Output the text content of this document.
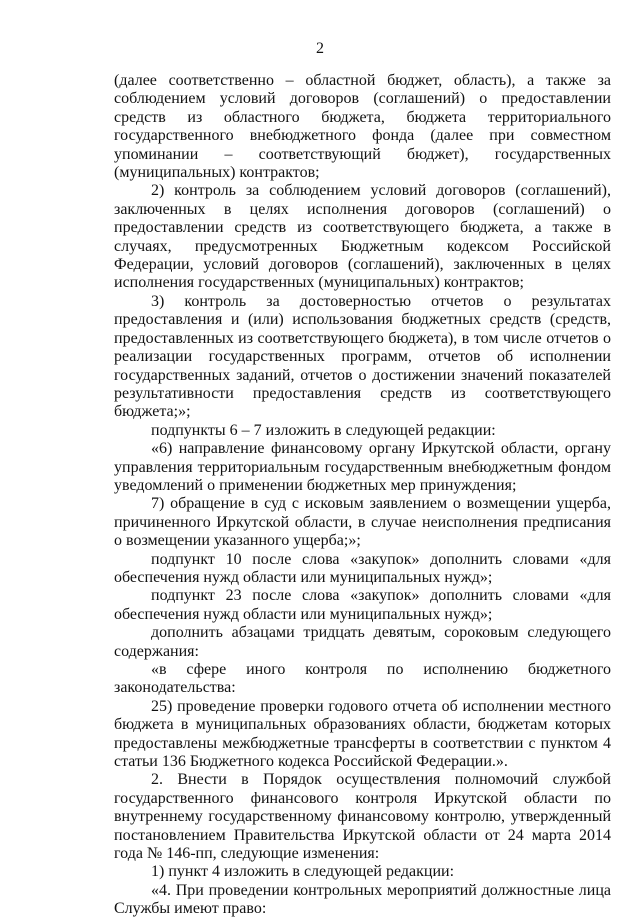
2

(далее соответственно – областной бюджет, область), а также за соблюдением условий договоров (соглашений) о предоставлении средств из областного бюджета, бюджета территориального государственного внебюджетного фонда (далее при совместном упоминании – соответствующий бюджет), государственных (муниципальных) контрактов;

2) контроль за соблюдением условий договоров (соглашений), заключенных в целях исполнения договоров (соглашений) о предоставлении средств из соответствующего бюджета, а также в случаях, предусмотренных Бюджетным кодексом Российской Федерации, условий договоров (соглашений), заключенных в целях исполнения государственных (муниципальных) контрактов;

3) контроль за достоверностью отчетов о результатах предоставления и (или) использования бюджетных средств (средств, предоставленных из соответствующего бюджета), в том числе отчетов о реализации государственных программ, отчетов об исполнении государственных заданий, отчетов о достижении значений показателей результативности предоставления средств из соответствующего бюджета;»;

подпункты 6 – 7 изложить в следующей редакции:

«6) направление финансовому органу Иркутской области, органу управления территориальным государственным внебюджетным фондом уведомлений о применении бюджетных мер принуждения;

7) обращение в суд с исковым заявлением о возмещении ущерба, причиненного Иркутской области, в случае неисполнения предписания о возмещении указанного ущерба;»;

подпункт 10 после слова «закупок» дополнить словами «для обеспечения нужд области или муниципальных нужд»;

подпункт 23 после слова «закупок» дополнить словами «для обеспечения нужд области или муниципальных нужд»;

дополнить абзацами тридцать девятым, сороковым следующего содержания:

«в сфере иного контроля по исполнению бюджетного законодательства:

25) проведение проверки годового отчета об исполнении местного бюджета в муниципальных образованиях области, бюджетам которых предоставлены межбюджетные трансферты в соответствии с пунктом 4 статьи 136 Бюджетного кодекса Российской Федерации.».

2. Внести в Порядок осуществления полномочий службой государственного финансового контроля Иркутской области по внутреннему государственному финансовому контролю, утвержденный постановлением Правительства Иркутской области от 24 марта 2014 года № 146-пп, следующие изменения:

1) пункт 4 изложить в следующей редакции:

«4. При проведении контрольных мероприятий должностные лица Службы имеют право:
